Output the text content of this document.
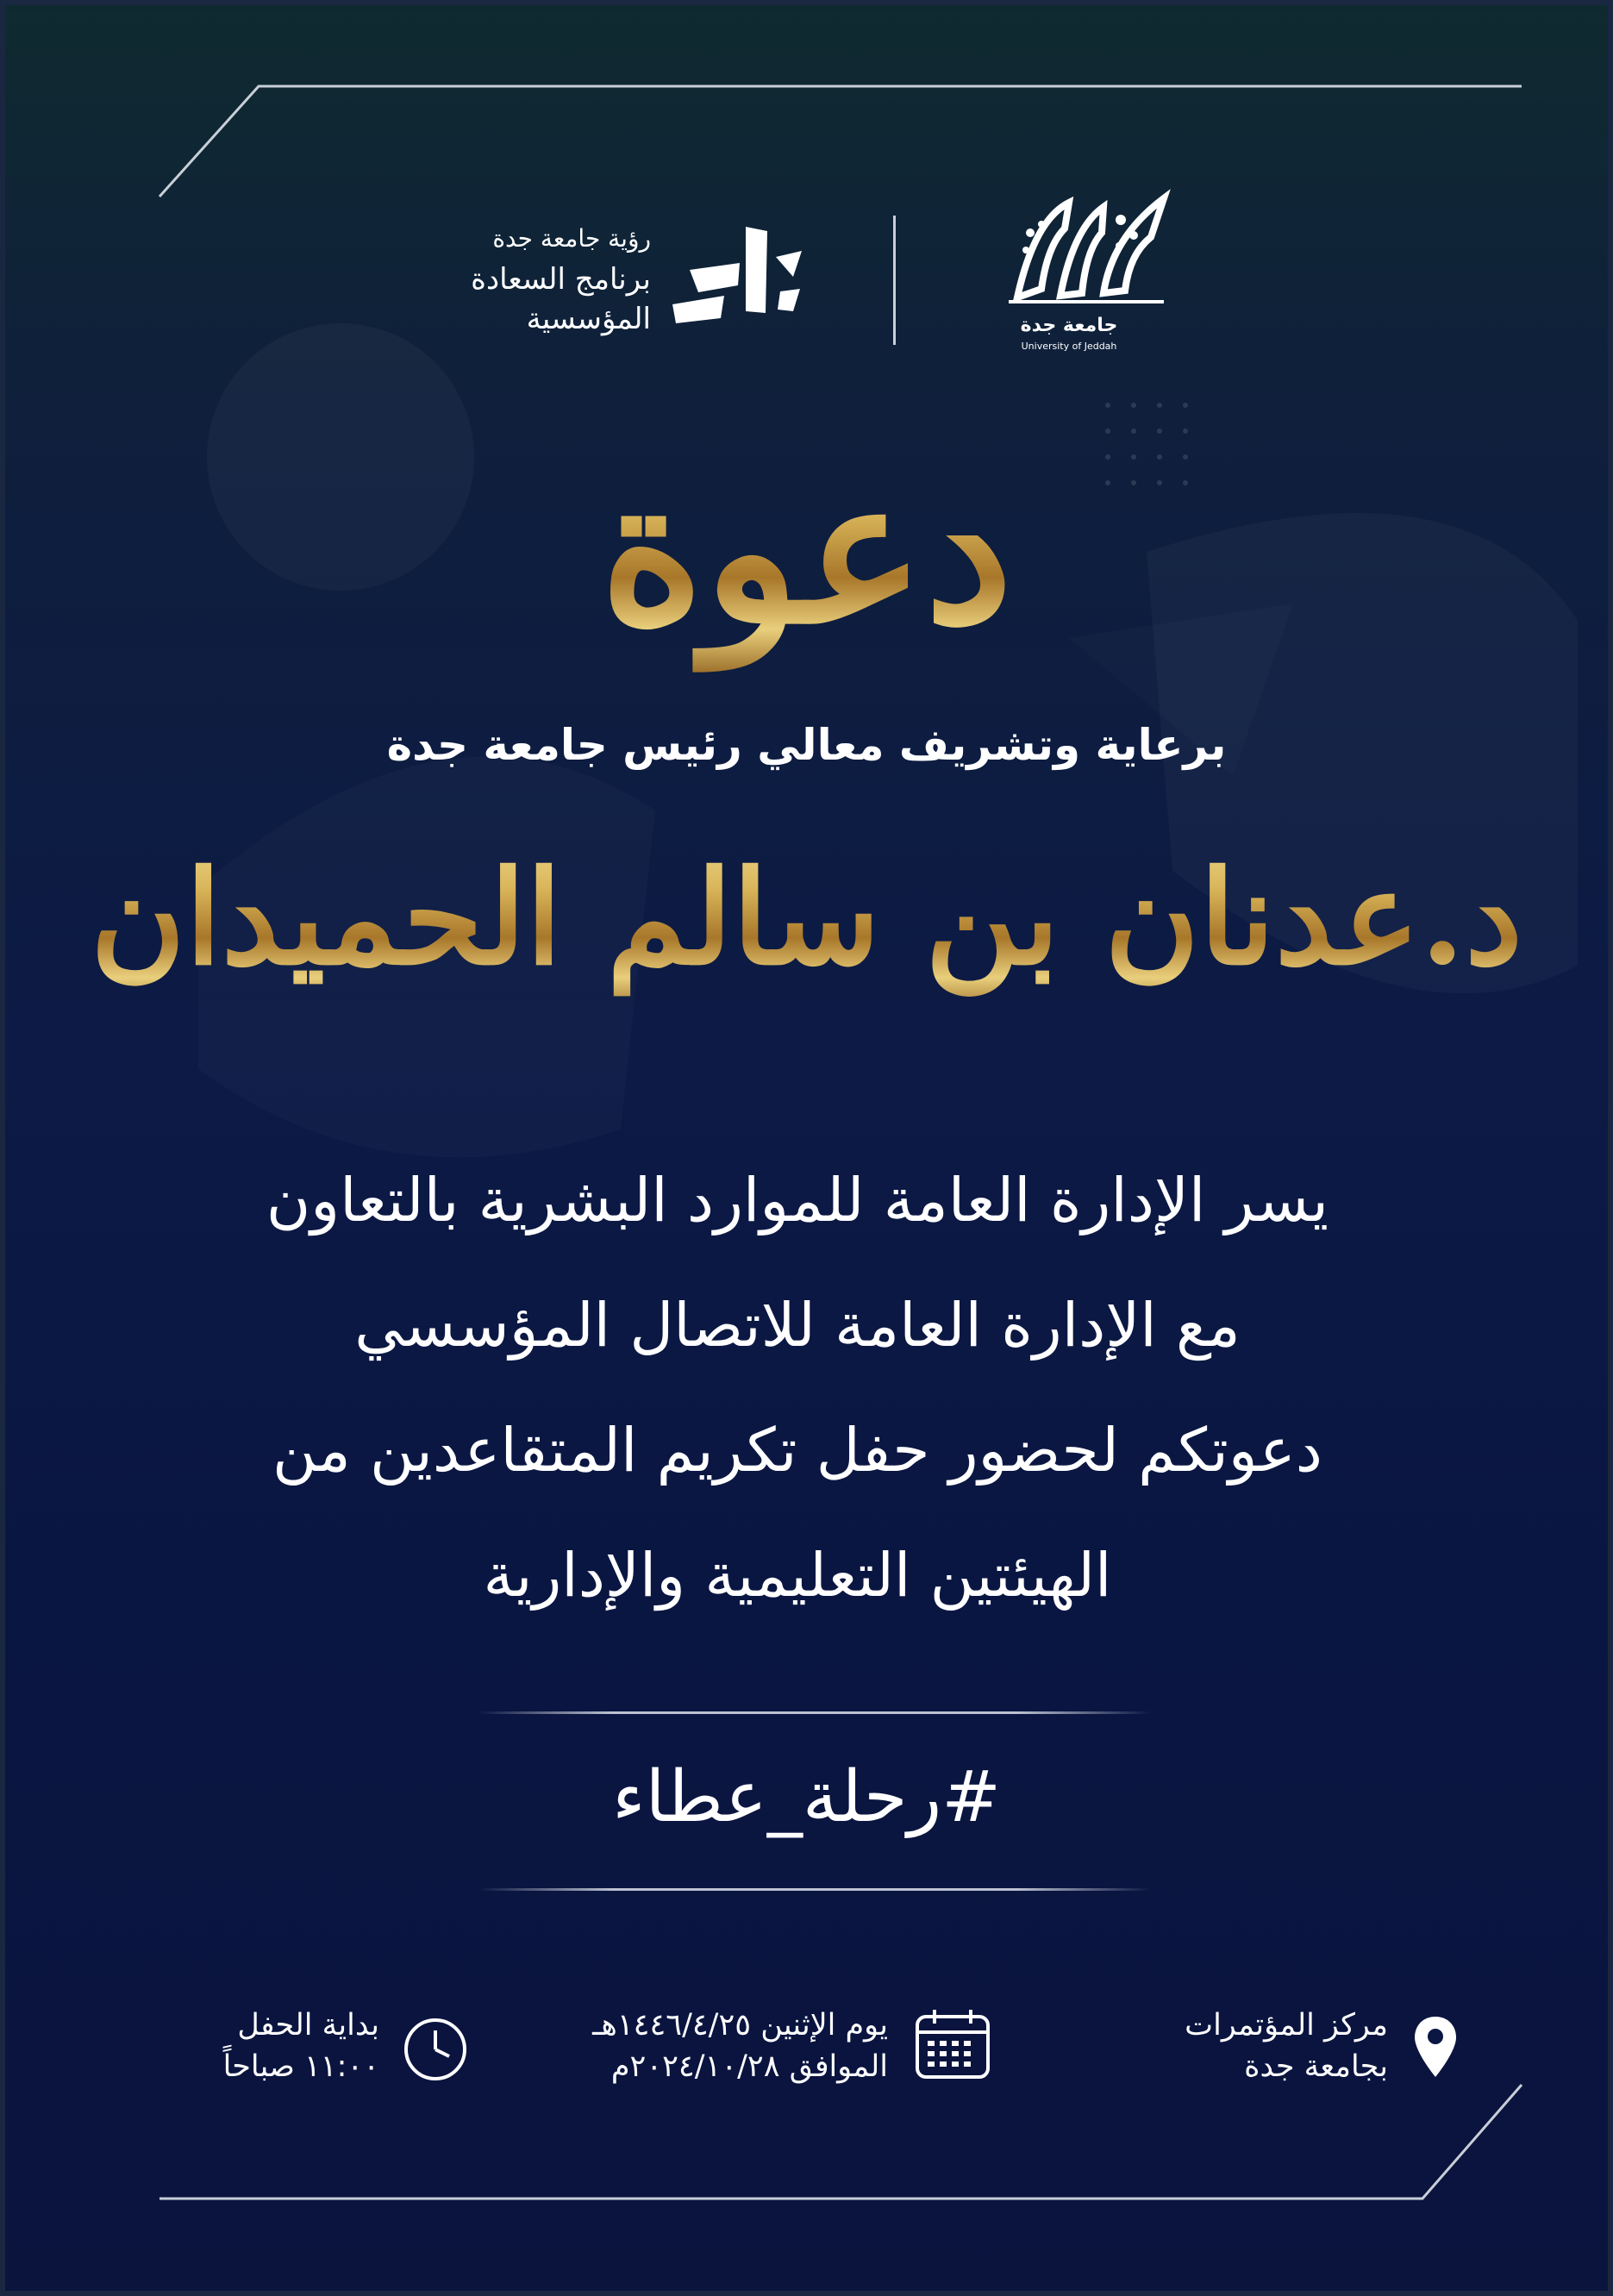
رؤية جامعة جدة
برنامج السعادة
المؤسسية	جامعة جدة
University of Jeddah
دعوة
برعاية وتشريف معالي رئيس جامعة جدة
د.عدنان بن سالم الحميدان
يسر الإدارة العامة للموارد البشرية بالتعاون
مع الإدارة العامة للاتصال المؤسسي
دعوتكم لحضور حفل تكريم المتقاعدين من
الهيئتين التعليمية والإدارية
#رحلة_عطاء
مركز المؤتمرات
بجامعة جدة
يوم الإثنين ١٤٤٦/٤/٢٥هـ
الموافق ٢٠٢٤/١٠/٢٨م
بداية الحفل
١١:٠٠ صباحاً
